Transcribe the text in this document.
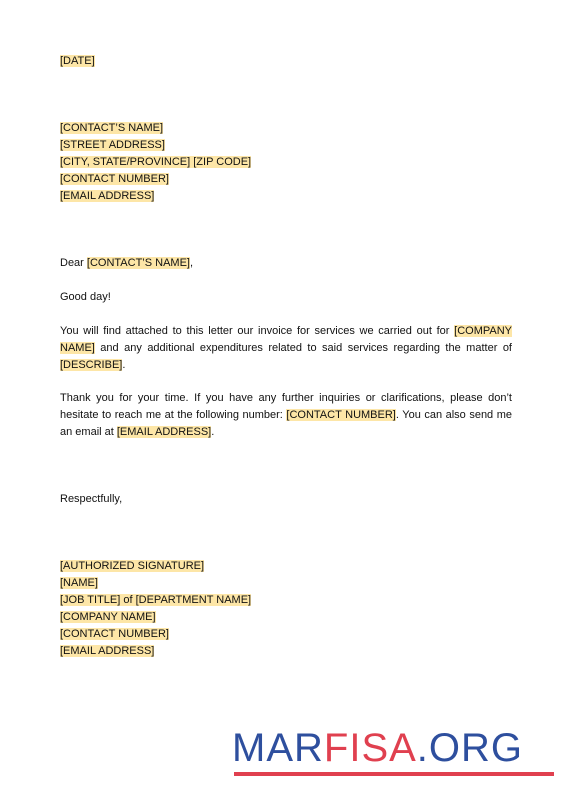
[DATE]
[CONTACT’S NAME]
[STREET ADDRESS]
[CITY, STATE/PROVINCE] [ZIP CODE]
[CONTACT NUMBER]
[EMAIL ADDRESS]
Dear [CONTACT’S NAME],
Good day!
You will find attached to this letter our invoice for services we carried out for [COMPANY NAME] and any additional expenditures related to said services regarding the matter of [DESCRIBE].
Thank you for your time. If you have any further inquiries or clarifications, please don’t hesitate to reach me at the following number: [CONTACT NUMBER]. You can also send me an email at [EMAIL ADDRESS].
Respectfully,
[AUTHORIZED SIGNATURE]
[NAME]
[JOB TITLE] of [DEPARTMENT NAME]
[COMPANY NAME]
[CONTACT NUMBER]
[EMAIL ADDRESS]
MARFISA.ORG
